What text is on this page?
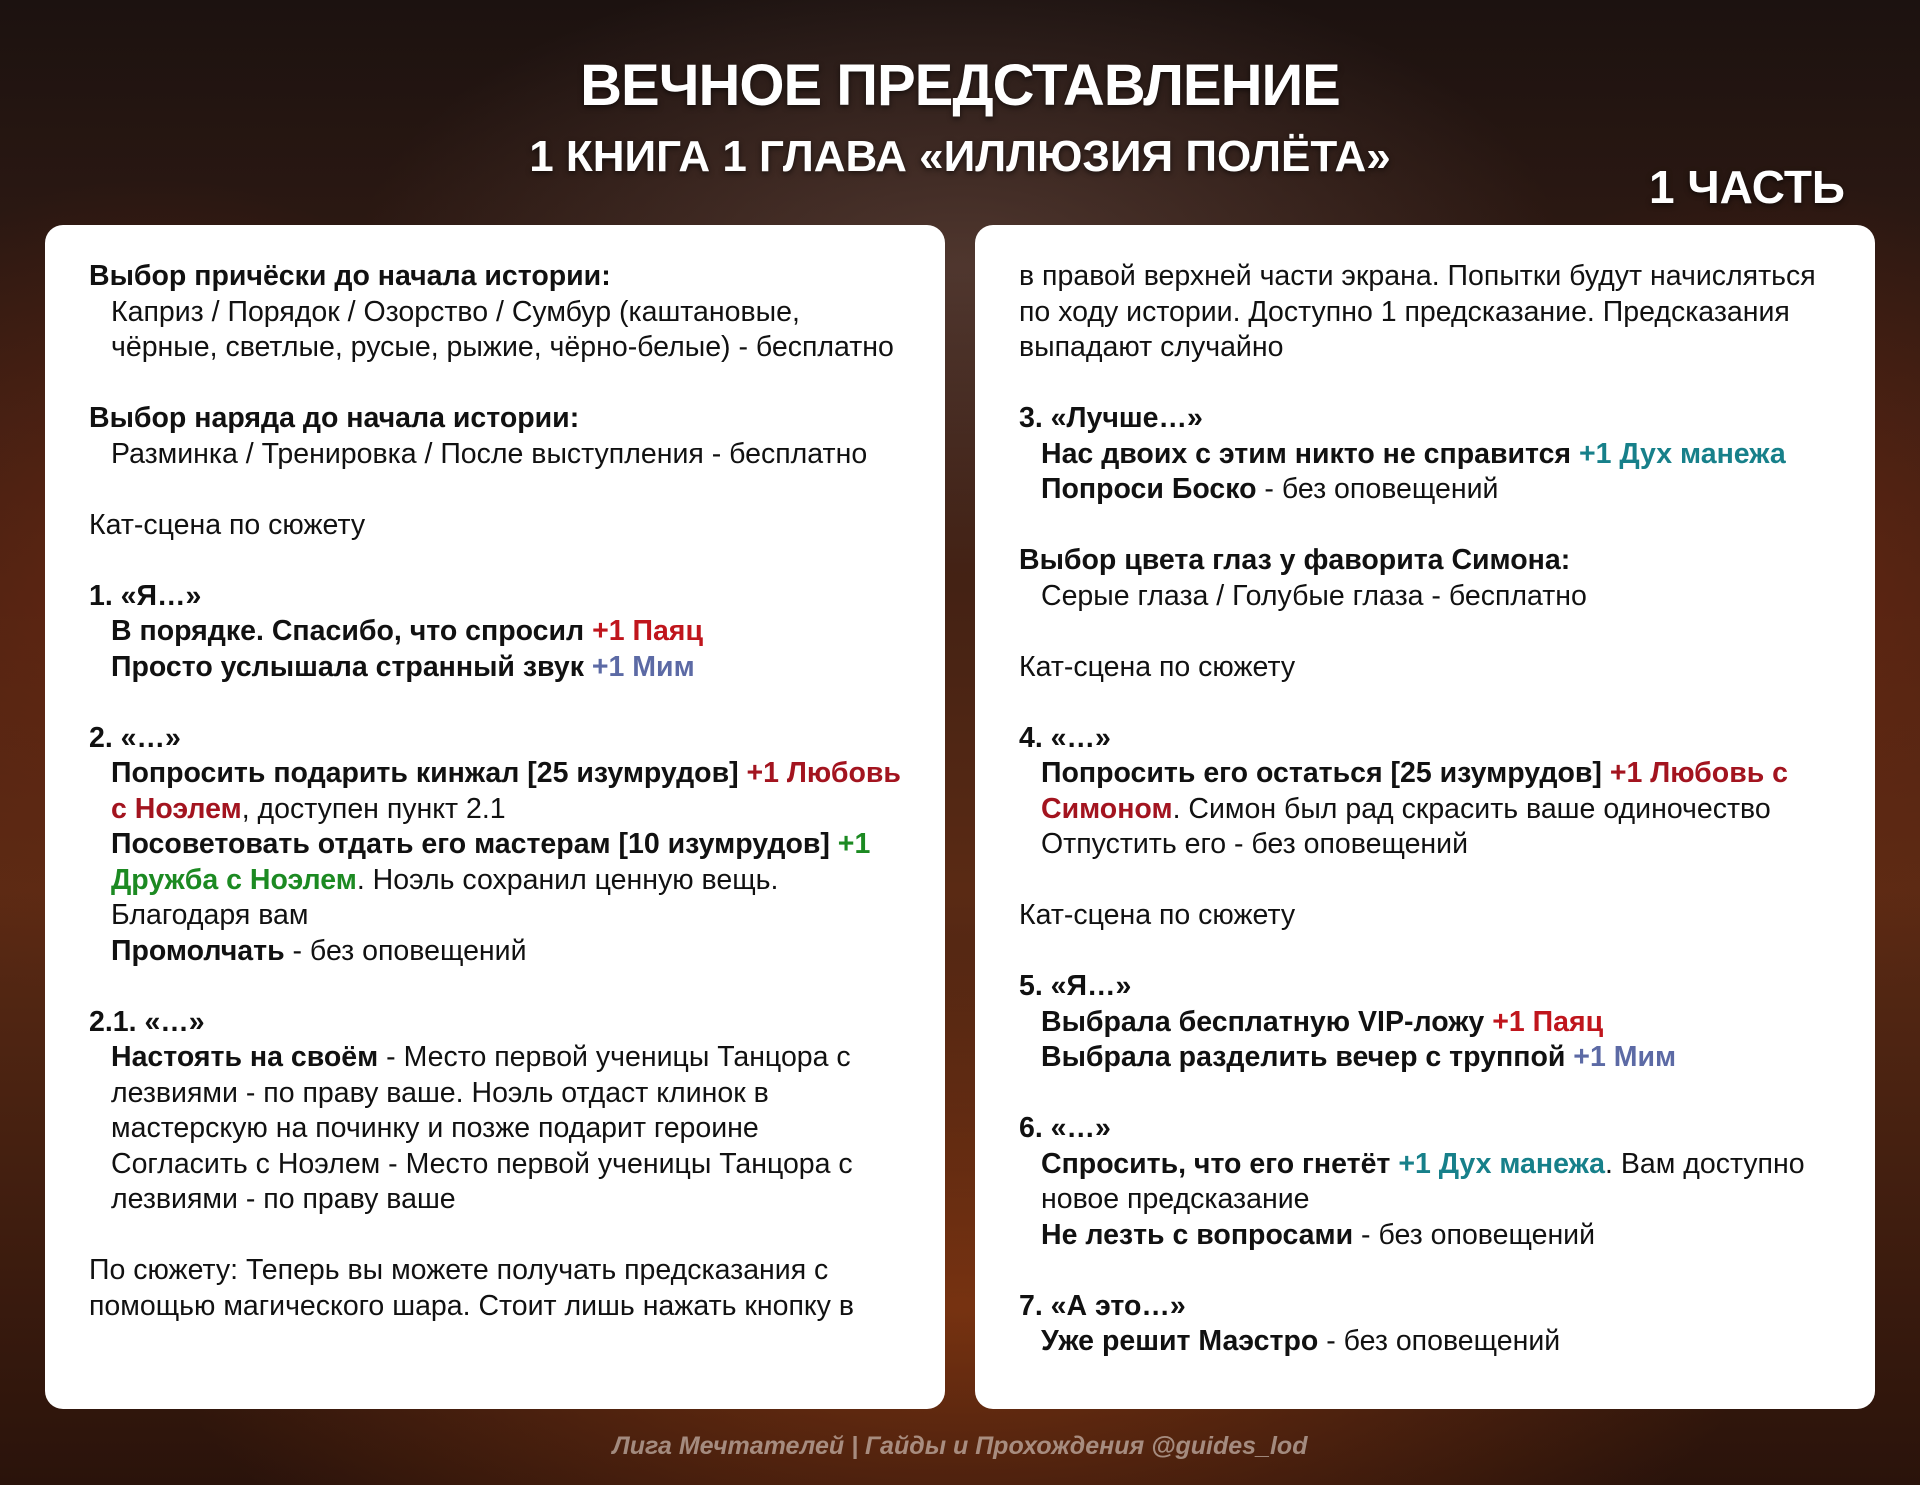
ВЕЧНОЕ ПРЕДСТАВЛЕНИЕ
1 КНИГА 1 ГЛАВА «ИЛЛЮЗИЯ ПОЛЁТА»
1 ЧАСТЬ

Выбор причёски до начала истории:

Каприз / Порядок / Озорство / Сумбур (каштановые, чёрные, светлые, русые, рыжие, чёрно-белые) - бесплатно

Выбор наряда до начала истории:

Разминка / Тренировка / После выступления - бесплатно

Кат-сцена по сюжету

1. «Я…»

В порядке. Спасибо, что спросил +1 Паяц

Просто услышала странный звук +1 Мим

2. «…»

Попросить подарить кинжал [25 изумрудов] +1 Любовь с Ноэлем, доступен пункт 2.1

Посоветовать отдать его мастерам [10 изумрудов] +1 Дружба с Ноэлем. Ноэль сохранил ценную вещь. Благодаря вам

Промолчать - без оповещений

2.1. «…»

Настоять на своём - Место первой ученицы Танцора с лезвиями - по праву ваше. Ноэль отдаст клинок в мастерскую на починку и позже подарит героине

Согласить с Ноэлем - Место первой ученицы Танцора с лезвиями - по праву ваше

По сюжету: Теперь вы можете получать предсказания с помощью магического шара. Стоит лишь нажать кнопку в

в правой верхней части экрана. Попытки будут начисляться по ходу истории. Доступно 1 предсказание. Предсказания выпадают случайно

3. «Лучше…»

Нас двоих с этим никто не справится +1 Дух манежа

Попроси Боско - без оповещений

Выбор цвета глаз у фаворита Симона:

Серые глаза / Голубые глаза - бесплатно

Кат-сцена по сюжету

4. «…»

Попросить его остаться [25 изумрудов] +1 Любовь с Симоном. Симон был рад скрасить ваше одиночество

Отпустить его - без оповещений

Кат-сцена по сюжету

5. «Я…»

Выбрала бесплатную VIP-ложу +1 Паяц

Выбрала разделить вечер с труппой +1 Мим

6. «…»

Спросить, что его гнетёт +1 Дух манежа. Вам доступно новое предсказание

Не лезть с вопросами - без оповещений

7. «А это…»

Уже решит Маэстро - без оповещений

Лига Мечтателей | Гайды и Прохождения @guides_lod
